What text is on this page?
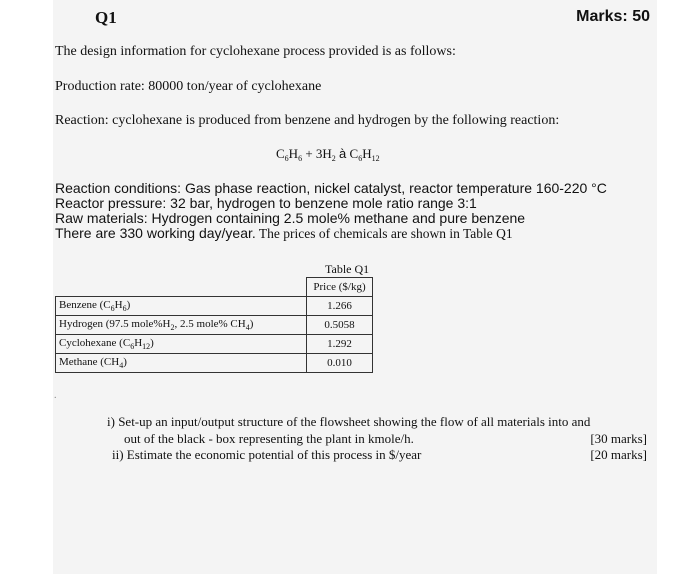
Q1	Marks: 50
The design information for cyclohexane process provided is as follows:
Production rate: 80000 ton/year of cyclohexane
Reaction: cyclohexane is produced from benzene and hydrogen by the following reaction:
$C_6H_6 + 3H_2$ à $C_6H_{12}$
Reaction conditions: Gas phase reaction, nickel catalyst, reactor temperature 160-220 °C
Reactor pressure: 32 bar, hydrogen to benzene mole ratio range 3:1
Raw materials: Hydrogen containing 2.5 mole% methane and pure benzene
There are 330 working day/year. The prices of chemicals are shown in Table Q1
Table Q1
	Price ($/kg)
Benzene $(C_6H_6)$	1.266
Hydrogen (97.5 $mole\%H_2$, 2.5 mole% $CH_4$)	0.5058
Cyclohexane $(C_6H_{12})$	1.292
Methane $(CH_4)$	0.010
.
i) Set-up an input/output structure of the flowsheet showing the flow of all materials into and
out of the black - box representing the plant in kmole/h.	[30 marks]
ii) Estimate the economic potential of this process in $/year	[20 marks]
